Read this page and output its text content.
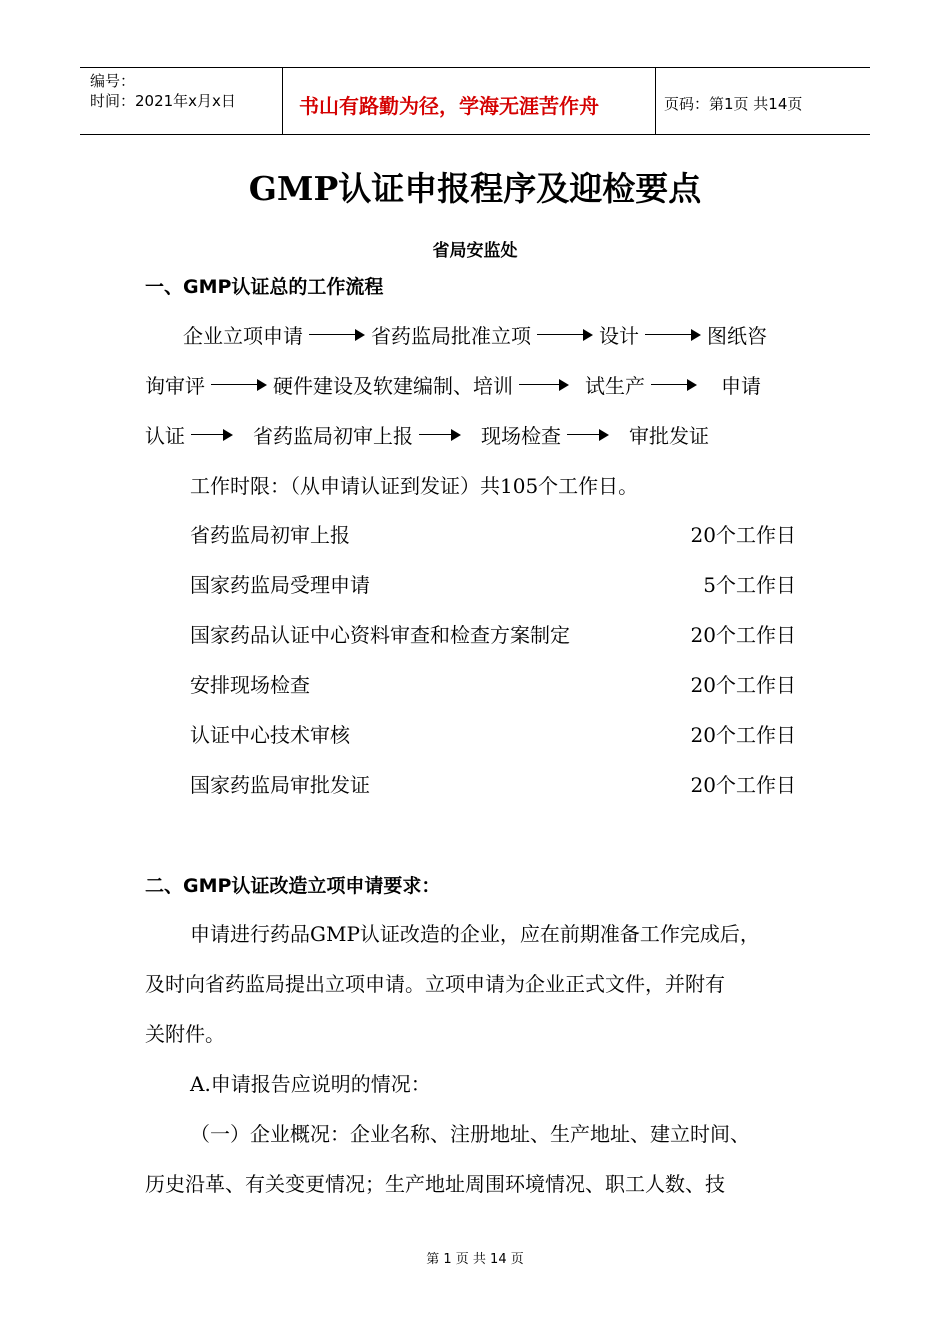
编号：
时间：2021年x月x日	书山有路勤为径，学海无涯苦作舟	页码：第1页 共14页
GMP认证申报程序及迎检要点
省局安监处
一、GMP认证总的工作流程
企业立项申请	省药监局批准立项	设计	图纸咨
询审评	硬件建设及软建编制、培训	试生产	申请
认证	省药监局初审上报	现场检查	审批发证
工作时限：（从申请认证到发证）共105个工作日。
省药监局初审上报	20个工作日
国家药监局受理申请	5个工作日
国家药品认证中心资料审查和检查方案制定	20个工作日
安排现场检查	20个工作日
认证中心技术审核	20个工作日
国家药监局审批发证	20个工作日
二、GMP认证改造立项申请要求：
申请进行药品GMP认证改造的企业，应在前期准备工作完成后，
及时向省药监局提出立项申请。立项申请为企业正式文件，并附有
关附件。
A.申请报告应说明的情况：
（一）企业概况：企业名称、注册地址、生产地址、建立时间、
历史沿革、有关变更情况；生产地址周围环境情况、职工人数、技
第 1 页 共 14 页
